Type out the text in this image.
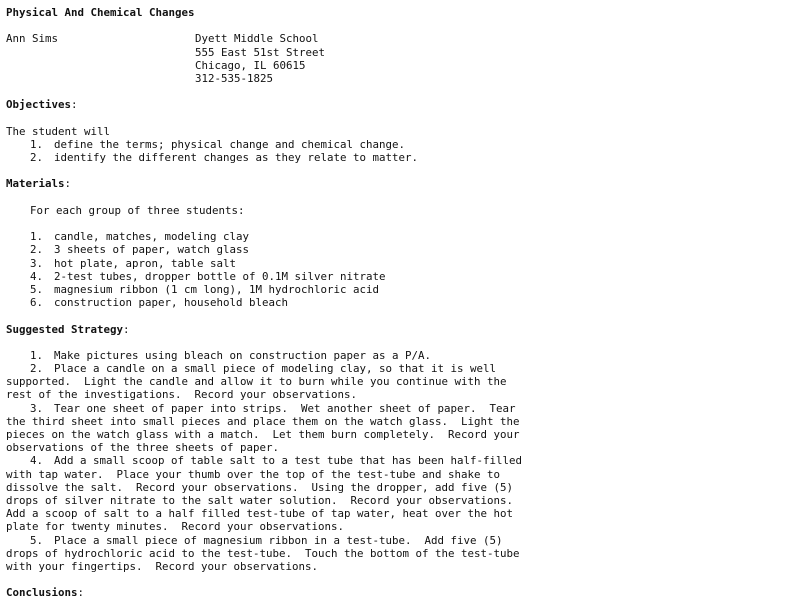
Physical And Chemical Changes
Ann Sims	Dyett Middle School
555 East 51st Street
Chicago, IL 60615
312-535-1825
Objectives:
The student will
1. define the terms; physical change and chemical change.
2. identify the different changes as they relate to matter.
Materials:
For each group of three students:
1. candle, matches, modeling clay
2. 3 sheets of paper, watch glass
3. hot plate, apron, table salt
4. 2-test tubes, dropper bottle of 0.1M silver nitrate
5. magnesium ribbon (1 cm long), 1M hydrochloric acid
6. construction paper, household bleach
Suggested Strategy:
1. Make pictures using bleach on construction paper as a P/A.
2. Place a candle on a small piece of modeling clay, so that it is well
supported.  Light the candle and allow it to burn while you continue with the
rest of the investigations.  Record your observations.
3. Tear one sheet of paper into strips.  Wet another sheet of paper.  Tear
the third sheet into small pieces and place them on the watch glass.  Light the
pieces on the watch glass with a match.  Let them burn completely.  Record your
observations of the three sheets of paper.
4. Add a small scoop of table salt to a test tube that has been half-filled
with tap water.  Place your thumb over the top of the test-tube and shake to
dissolve the salt.  Record your observations.  Using the dropper, add five (5)
drops of silver nitrate to the salt water solution.  Record your observations.
Add a scoop of salt to a half filled test-tube of tap water, heat over the hot
plate for twenty minutes.  Record your observations.
5. Place a small piece of magnesium ribbon in a test-tube.  Add five (5)
drops of hydrochloric acid to the test-tube.  Touch the bottom of the test-tube
with your fingertips.  Record your observations.
Conclusions:
